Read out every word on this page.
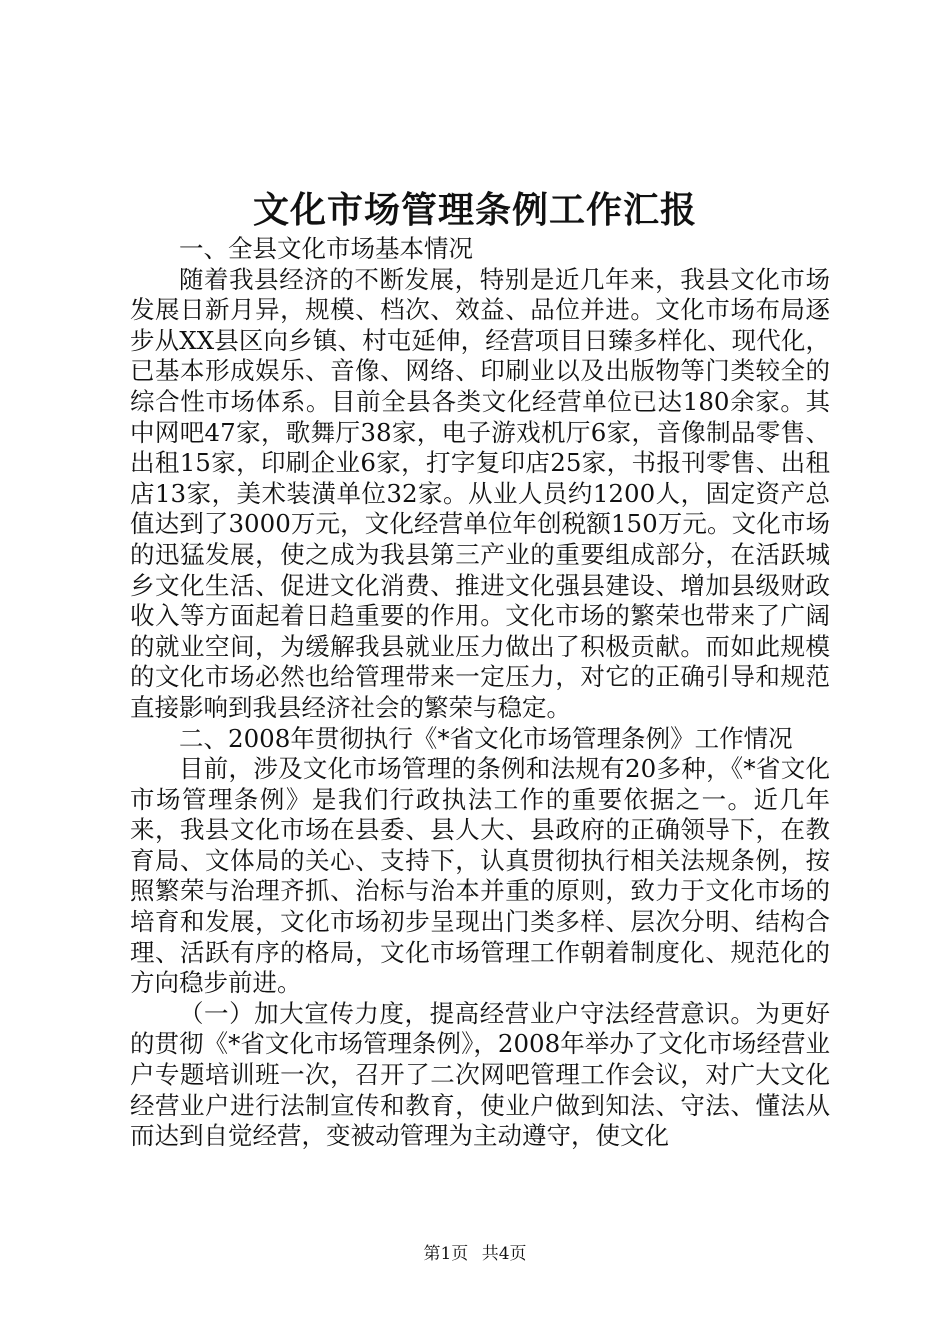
文化市场管理条例工作汇报

一、全县文化市场基本情况

随着我县经济的不断发展，特别是近几年来，我县文化市场发展日新月异，规模、档次、效益、品位并进。文化市场布局逐步从XX县区向乡镇、村屯延伸，经营项目日臻多样化、现代化，已基本形成娱乐、音像、网络、印刷业以及出版物等门类较全的综合性市场体系。目前全县各类文化经营单位已达180余家。其中网吧47家，歌舞厅38家，电子游戏机厅6家，音像制品零售、出租15家，印刷企业6家，打字复印店25家，书报刊零售、出租店13家，美术装潢单位32家。从业人员约1200人，固定资产总值达到了3000万元，文化经营单位年创税额150万元。文化市场的迅猛发展，使之成为我县第三产业的重要组成部分，在活跃城乡文化生活、促进文化消费、推进文化强县建设、增加县级财政收入等方面起着日趋重要的作用。文化市场的繁荣也带来了广阔的就业空间，为缓解我县就业压力做出了积极贡献。而如此规模的文化市场必然也给管理带来一定压力，对它的正确引导和规范直接影响到我县经济社会的繁荣与稳定。

二、2008年贯彻执行《*省文化市场管理条例》工作情况

目前，涉及文化市场管理的条例和法规有20多种，《*省文化市场管理条例》是我们行政执法工作的重要依据之一。近几年来，我县文化市场在县委、县人大、县政府的正确领导下，在教育局、文体局的关心、支持下，认真贯彻执行相关法规条例，按照繁荣与治理齐抓、治标与治本并重的原则，致力于文化市场的培育和发展，文化市场初步呈现出门类多样、层次分明、结构合理、活跃有序的格局，文化市场管理工作朝着制度化、规范化的方向稳步前进。

（一）加大宣传力度，提高经营业户守法经营意识。为更好的贯彻《*省文化市场管理条例》，2008年举办了文化市场经营业户专题培训班一次，召开了二次网吧管理工作会议，对广大文化经营业户进行法制宣传和教育，使业户做到知法、守法、懂法从而达到自觉经营，变被动管理为主动遵守，使文化

第1页 共4页
